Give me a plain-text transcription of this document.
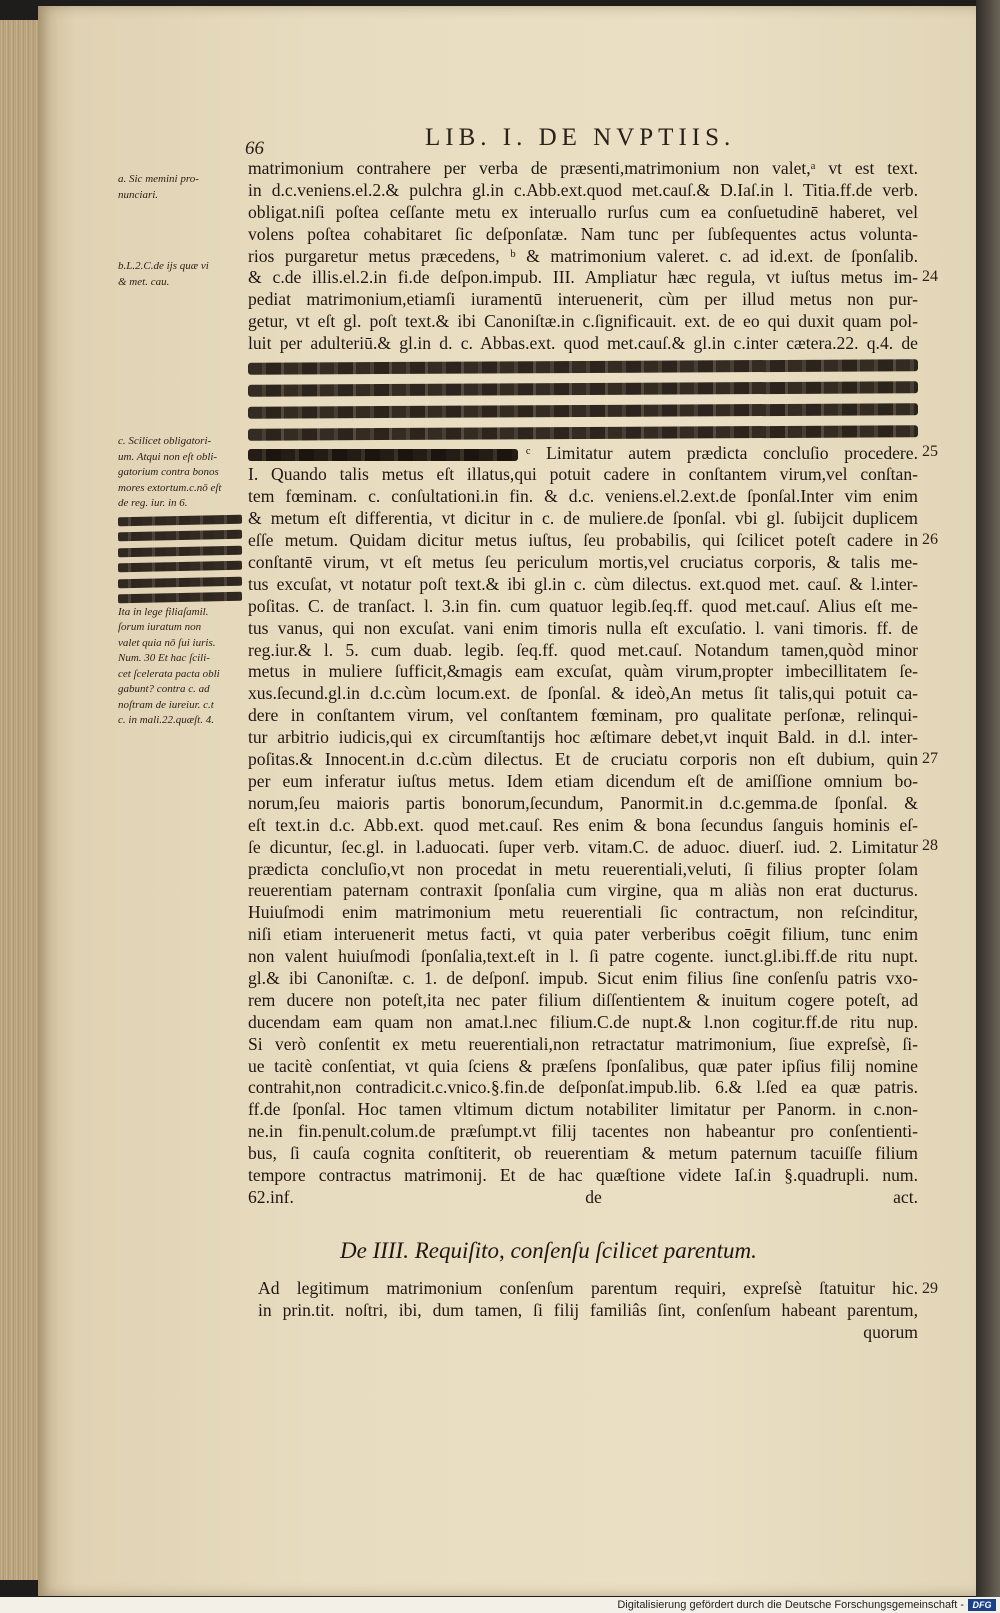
66	LIB. I. DE NVPTIIS.
a. Sic memini pro-
nunciari.
b.L.2.C.de ijs quæ vi
& met. cau.
c. Scilicet obligatori-
um. Atqui non eſt obli-
gatorium contra bonos
mores extortum.c.nō eſt
de reg. iur. in 6.
Ita in lege filiaſamil.
ſorum iuratum non
valet quia nō ſui iuris.
Num. 30 Et hac ſcili-
cet ſcelerata pacta obli
gabunt? contra c. ad
noſtram de iureiur. c.t
c. in mali.22.quæſt. 4.
matrimonium contrahere per verba de præsenti,matrimonium non valet,ᵃ vt est text.
in d.c.veniens.el.2.& pulchra gl.in c.Abb.ext.quod met.cauſ.& D.Iaſ.in l. Titia.ff.de verb.
obligat.niſi poſtea ceſſante metu ex interuallo rurſus cum ea conſuetudinē haberet, vel
volens poſtea cohabitaret ſic deſponſatæ. Nam tunc per ſubſequentes actus volunta-
rios purgaretur metus præcedens, ᵇ & matrimonium valeret. c. ad id.ext. de ſponſalib.
& c.de illis.el.2.in fi.de deſpon.impub. III. Ampliatur hæc regula, vt iuſtus metus im-
pediat matrimonium,etiamſi iuramentū interuenerit, cùm per illud metus non pur-
getur, vt eſt gl. poſt text.& ibi Canoniſtæ.in c.ſignificauit. ext. de eo qui duxit quam pol-
luit per adulteriū.& gl.in d. c. Abbas.ext. quod met.cauſ.& gl.in c.inter cætera.22. q.4. de
ᶜ Limitatur autem prædicta concluſio procedere.
I. Quando talis metus eſt illatus,qui potuit cadere in conſtantem virum,vel conſtan-
tem fœminam. c. conſultationi.in fin. & d.c. veniens.el.2.ext.de ſponſal.Inter vim enim
& metum eſt differentia, vt dicitur in c. de muliere.de ſponſal. vbi gl. ſubijcit duplicem
eſſe metum. Quidam dicitur metus iuſtus, ſeu probabilis, qui ſcilicet poteſt cadere in
conſtantē virum, vt eſt metus ſeu periculum mortis,vel cruciatus corporis, & talis me-
tus excuſat, vt notatur poſt text.& ibi gl.in c. cùm dilectus. ext.quod met. cauſ. & l.inter-
poſitas. C. de tranſact. l. 3.in fin. cum quatuor legib.ſeq.ff. quod met.cauſ. Alius eſt me-
tus vanus, qui non excuſat. vani enim timoris nulla eſt excuſatio. l. vani timoris. ff. de
reg.iur.& l. 5. cum duab. legib. ſeq.ff. quod met.cauſ. Notandum tamen,quòd minor
metus in muliere ſufficit,&magis eam excuſat, quàm virum,propter imbecillitatem ſe-
xus.ſecund.gl.in d.c.cùm locum.ext. de ſponſal. & ideò,An metus ſit talis,qui potuit ca-
dere in conſtantem virum, vel conſtantem fœminam, pro qualitate perſonæ, relinqui-
tur arbitrio iudicis,qui ex circumſtantijs hoc æſtimare debet,vt inquit Bald. in d.l. inter-
poſitas.& Innocent.in d.c.cùm dilectus. Et de cruciatu corporis non eſt dubium, quin
per eum inferatur iuſtus metus. Idem etiam dicendum eſt de amiſſione omnium bo-
norum,ſeu maioris partis bonorum,ſecundum, Panormit.in d.c.gemma.de ſponſal. &
eſt text.in d.c. Abb.ext. quod met.cauſ. Res enim & bona ſecundus ſanguis hominis eſ-
ſe dicuntur, ſec.gl. in l.aduocati. ſuper verb. vitam.C. de aduoc. diuerſ. iud. 2. Limitatur
prædicta concluſio,vt non procedat in metu reuerentiali,veluti, ſi filius propter ſolam
reuerentiam paternam contraxit ſponſalia cum virgine, qua m aliàs non erat ducturus.
Huiuſmodi enim matrimonium metu reuerentiali ſic contractum, non reſcinditur,
niſi etiam interuenerit metus facti, vt quia pater verberibus coēgit filium, tunc enim
non valent huiuſmodi ſponſalia,text.eſt in l. ſi patre cogente. iunct.gl.ibi.ff.de ritu nupt.
gl.& ibi Canoniſtæ. c. 1. de deſponſ. impub. Sicut enim filius ſine conſenſu patris vxo-
rem ducere non poteſt,ita nec pater filium diſſentientem & inuitum cogere poteſt, ad
ducendam eam quam non amat.l.nec filium.C.de nupt.& l.non cogitur.ff.de ritu nup.
Si verò conſentit ex metu reuerentiali,non retractatur matrimonium, ſiue expreſsè, ſi-
ue tacitè conſentiat, vt quia ſciens & præſens ſponſalibus, quæ pater ipſius filij nomine
contrahit,non contradicit.c.vnico.§.fin.de deſponſat.impub.lib. 6.& l.ſed ea quæ patris.
ff.de ſponſal. Hoc tamen vltimum dictum notabiliter limitatur per Panorm. in c.non-
ne.in fin.penult.colum.de præſumpt.vt filij tacentes non habeantur pro conſentienti-
bus, ſi cauſa cognita conſtiterit, ob reuerentiam & metum paternum tacuiſſe filium
tempore contractus matrimonij. Et de hac quæſtione videte Iaſ.in §.quadrupli. num.
62.inf. de act.
24
25
26
27
28
29
De IIII. Requiſito, conſenſu ſcilicet parentum.
Ad legitimum matrimonium conſenſum parentum requiri, expreſsè ſtatuitur hic.
in prin.tit. noſtri, ibi, dum tamen, ſi filij familiâs ſint, conſenſum habeant parentum,
quorum
Digitalisierung gefördert durch die Deutsche Forschungsgemeinschaft - DFG
